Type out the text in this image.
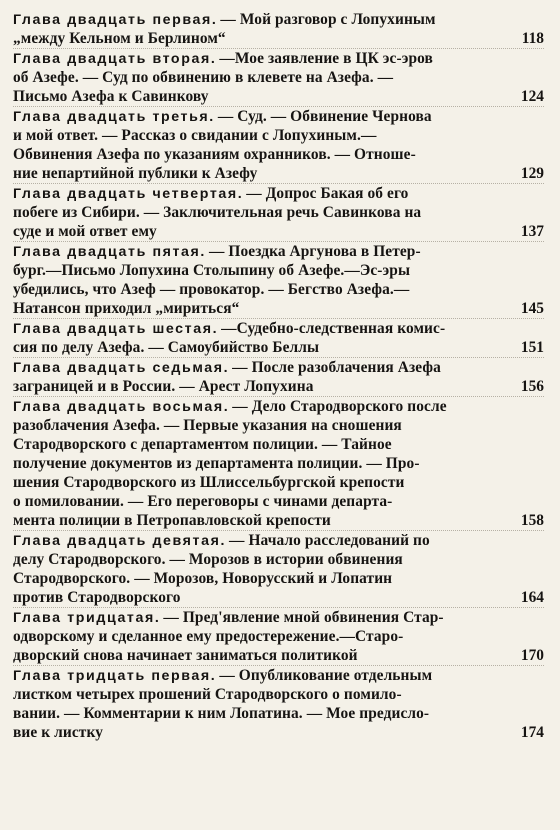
Глава двадцать первая. — Мой разговор с Лопухиным
„между Кельном и Берлином“	118
Глава двадцать вторая. —Мое заявление в ЦК эс-эров
об Азефе. — Суд по обвинению в клевете на Азефа. —
Письмо Азефа к Савинкову	124
Глава двадцать третья. — Суд. — Обвинение Чернова
и мой ответ. — Рассказ о свидании с Лопухиным.—
Обвинения Азефа по указаниям охранников. — Отноше-
ние непартийной публики к Азефу	129
Глава двадцать четвертая. — Допрос Бакая об его
побеге из Сибири. — Заключительная речь Савинкова на
суде и мой ответ ему	137
Глава двадцать пятая. — Поездка Аргунова в Петер-
бург.—Письмо Лопухина Столыпину об Азефе.—Эс-эры
убедились, что Азеф — провокатор. — Бегство Азефа.—
Натансон приходил „мириться“	145
Глава двадцать шестая. —Судебно-следственная комис-
сия по делу Азефа. — Самоубийство Беллы	151
Глава двадцать седьмая. — После разоблачения Азефа
заграницей и в России. — Арест Лопухина	156
Глава двадцать восьмая. — Дело Стародворского после
разоблачения Азефа. — Первые указания на сношения
Стародворского с департаментом полиции. — Тайное
получение документов из департамента полиции. — Про-
шения Стародворского из Шлиссельбургской крепости
о помиловании. — Его переговоры с чинами департа-
мента полиции в Петропавловской крепости	158
Глава двадцать девятая. — Начало расследований по
делу Стародворского. — Морозов в истории обвинения
Стародворского. — Морозов, Новорусский и Лопатин
против Стародворского	164
Глава тридцатая. — Пред'явление мной обвинения Стар-
одворскому и сделанное ему предостережение.—Старо-
дворский снова начинает заниматься политикой	170
Глава тридцать первая. — Опубликование отдельным
листком четырех прошений Стародворского о помило-
вании. — Комментарии к ним Лопатина. — Мое предисло-
вие к листку	174
